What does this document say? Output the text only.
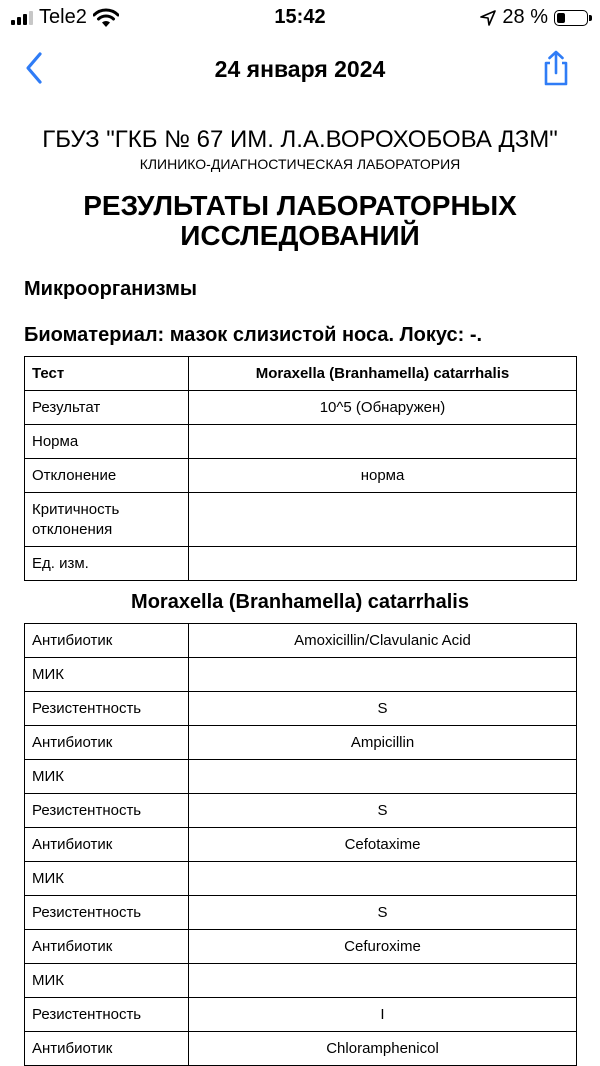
Tele2	15:42	28 %
24 января 2024
ГБУЗ "ГКБ № 67 ИМ. Л.А.ВОРОХОБОВА ДЗМ"
КЛИНИКО-ДИАГНОСТИЧЕСКАЯ ЛАБОРАТОРИЯ
РЕЗУЛЬТАТЫ ЛАБОРАТОРНЫХ
ИССЛЕДОВАНИЙ
Микроорганизмы
Биоматериал: мазок слизистой носа. Локус: -.
Тест	Moraxella (Branhamella) catarrhalis
Результат	10^5 (Обнаружен)
Норма	
Отклонение	норма
Критичность отклонения	
Ед. изм.	
Moraxella (Branhamella) catarrhalis
Антибиотик	Amoxicillin/Clavulanic Acid
МИК	
Резистентность	S
Антибиотик	Ampicillin
МИК	
Резистентность	S
Антибиотик	Cefotaxime
МИК	
Резистентность	S
Антибиотик	Cefuroxime
МИК	
Резистентность	I
Антибиотик	Chloramphenicol
